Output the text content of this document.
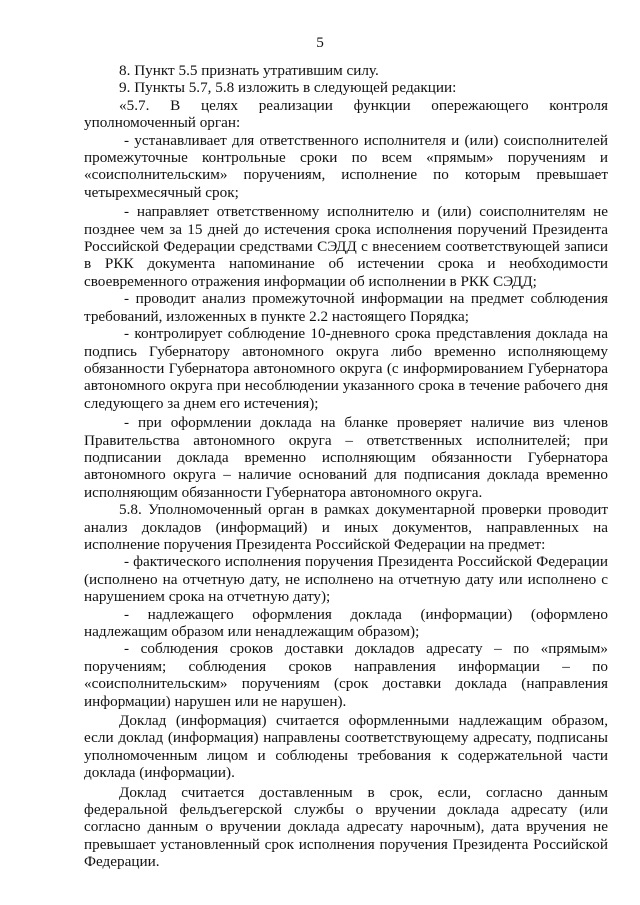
5

8. Пункт 5.5 признать утратившим силу.

9. Пункты 5.7, 5.8 изложить в следующей редакции:

«5.7. В целях реализации функции опережающего контроля уполномоченный орган:

- устанавливает для ответственного исполнителя и (или) соисполнителей промежуточные контрольные сроки по всем «прямым» поручениям и «соисполнительским» поручениям, исполнение по которым превышает четырехмесячный срок;

- направляет ответственному исполнителю и (или) соисполнителям не позднее чем за 15 дней до истечения срока исполнения поручений Президента Российской Федерации средствами СЭДД с внесением соответствующей записи в РКК документа напоминание об истечении срока и необходимости своевременного отражения информации об исполнении в РКК СЭДД;

- проводит анализ промежуточной информации на предмет соблюдения требований, изложенных в пункте 2.2 настоящего Порядка;

- контролирует соблюдение 10-дневного срока представления доклада на подпись Губернатору автономного округа либо временно исполняющему обязанности Губернатора автономного округа (с информированием Губернатора автономного округа при несоблюдении указанного срока в течение рабочего дня следующего за днем его истечения);

- при оформлении доклада на бланке проверяет наличие виз членов Правительства автономного округа – ответственных исполнителей; при подписании доклада временно исполняющим обязанности Губернатора автономного округа – наличие оснований для подписания доклада временно исполняющим обязанности Губернатора автономного округа.

5.8. Уполномоченный орган в рамках документарной проверки проводит анализ докладов (информаций) и иных документов, направленных на исполнение поручения Президента Российской Федерации на предмет:

- фактического исполнения поручения Президента Российской Федерации (исполнено на отчетную дату, не исполнено на отчетную дату или исполнено с нарушением срока на отчетную дату);

- надлежащего оформления доклада (информации) (оформлено надлежащим образом или ненадлежащим образом);

- соблюдения сроков доставки докладов адресату – по «прямым» поручениям; соблюдения сроков направления информации – по «соисполнительским» поручениям (срок доставки доклада (направления информации) нарушен или не нарушен).

Доклад (информация) считается оформленными надлежащим образом, если доклад (информация) направлены соответствующему адресату, подписаны уполномоченным лицом и соблюдены требования к содержательной части доклада (информации).

Доклад считается доставленным в срок, если, согласно данным федеральной фельдъегерской службы о вручении доклада адресату (или согласно данным о вручении доклада адресату нарочным), дата вручения не превышает установленный срок исполнения поручения Президента Российской Федерации.
